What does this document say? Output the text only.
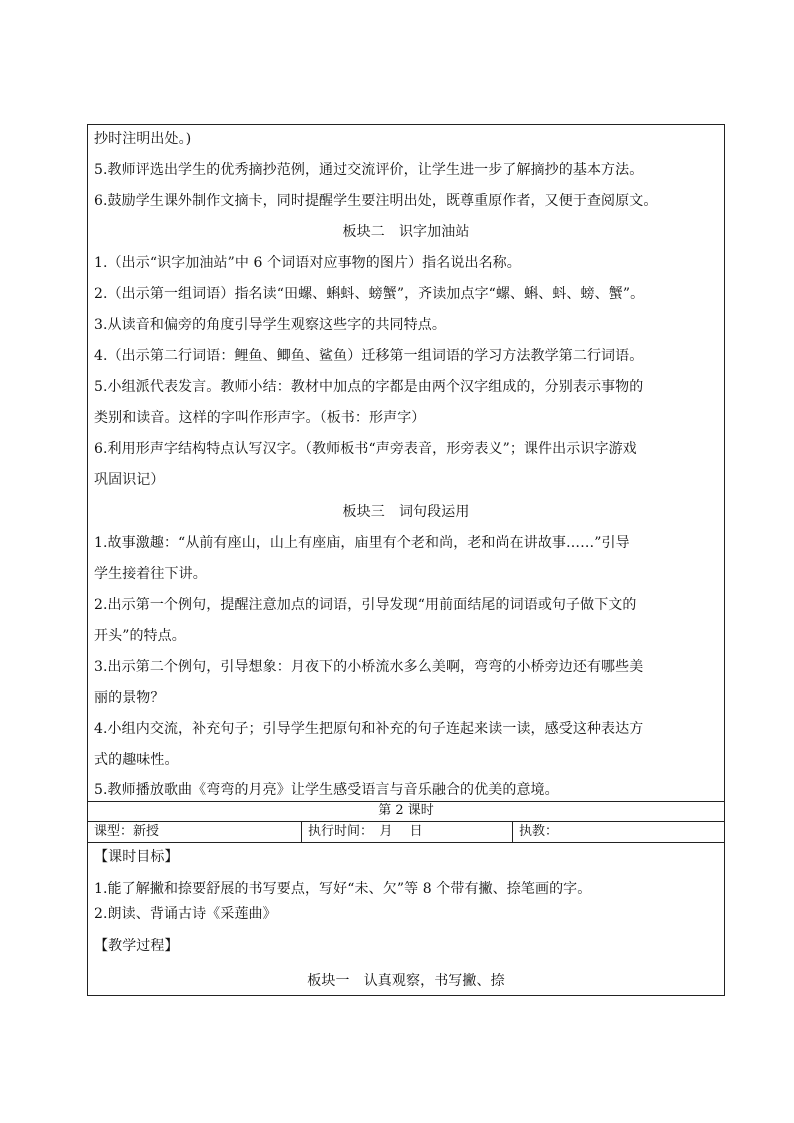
抄时注明出处。)
5.教师评选出学生的优秀摘抄范例，通过交流评价，让学生进一步了解摘抄的基本方法。
6.鼓励学生课外制作文摘卡，同时提醒学生要注明出处，既尊重原作者，又便于查阅原文。
板块二　识字加油站
1.（出示“识字加油站”中 6 个词语对应事物的图片）指名说出名称。
2.（出示第一组词语）指名读“田螺、蝌蚪、螃蟹”，齐读加点字“螺、蝌、蚪、螃、蟹”。
3.从读音和偏旁的角度引导学生观察这些字的共同特点。
4.（出示第二行词语：鲤鱼、鲫鱼、鲨鱼）迁移第一组词语的学习方法教学第二行词语。
5.小组派代表发言。教师小结：教材中加点的字都是由两个汉字组成的，分别表示事物的
类别和读音。这样的字叫作形声字。（板书：形声字）
6.利用形声字结构特点认写汉字。（教师板书“声旁表音，形旁表义”；课件出示识字游戏
巩固识记）
板块三　词句段运用
1.故事激趣：“从前有座山，山上有座庙，庙里有个老和尚，老和尚在讲故事……”引导
学生接着往下讲。
2.出示第一个例句，提醒注意加点的词语，引导发现“用前面结尾的词语或句子做下文的
开头”的特点。
3.出示第二个例句，引导想象：月夜下的小桥流水多么美啊，弯弯的小桥旁边还有哪些美
丽的景物？
4.小组内交流，补充句子；引导学生把原句和补充的句子连起来读一读，感受这种表达方
式的趣味性。
5.教师播放歌曲《弯弯的月亮》让学生感受语言与音乐融合的优美的意境。
第 2 课时
课型：新授	执行时间：　月　 日	执教：
【课时目标】
1.能了解撇和捺要舒展的书写要点，写好“未、欠”等 8 个带有撇、捺笔画的字。
2.朗读、背诵古诗《采莲曲》
【教学过程】
板块一　认真观察，书写撇、捺
